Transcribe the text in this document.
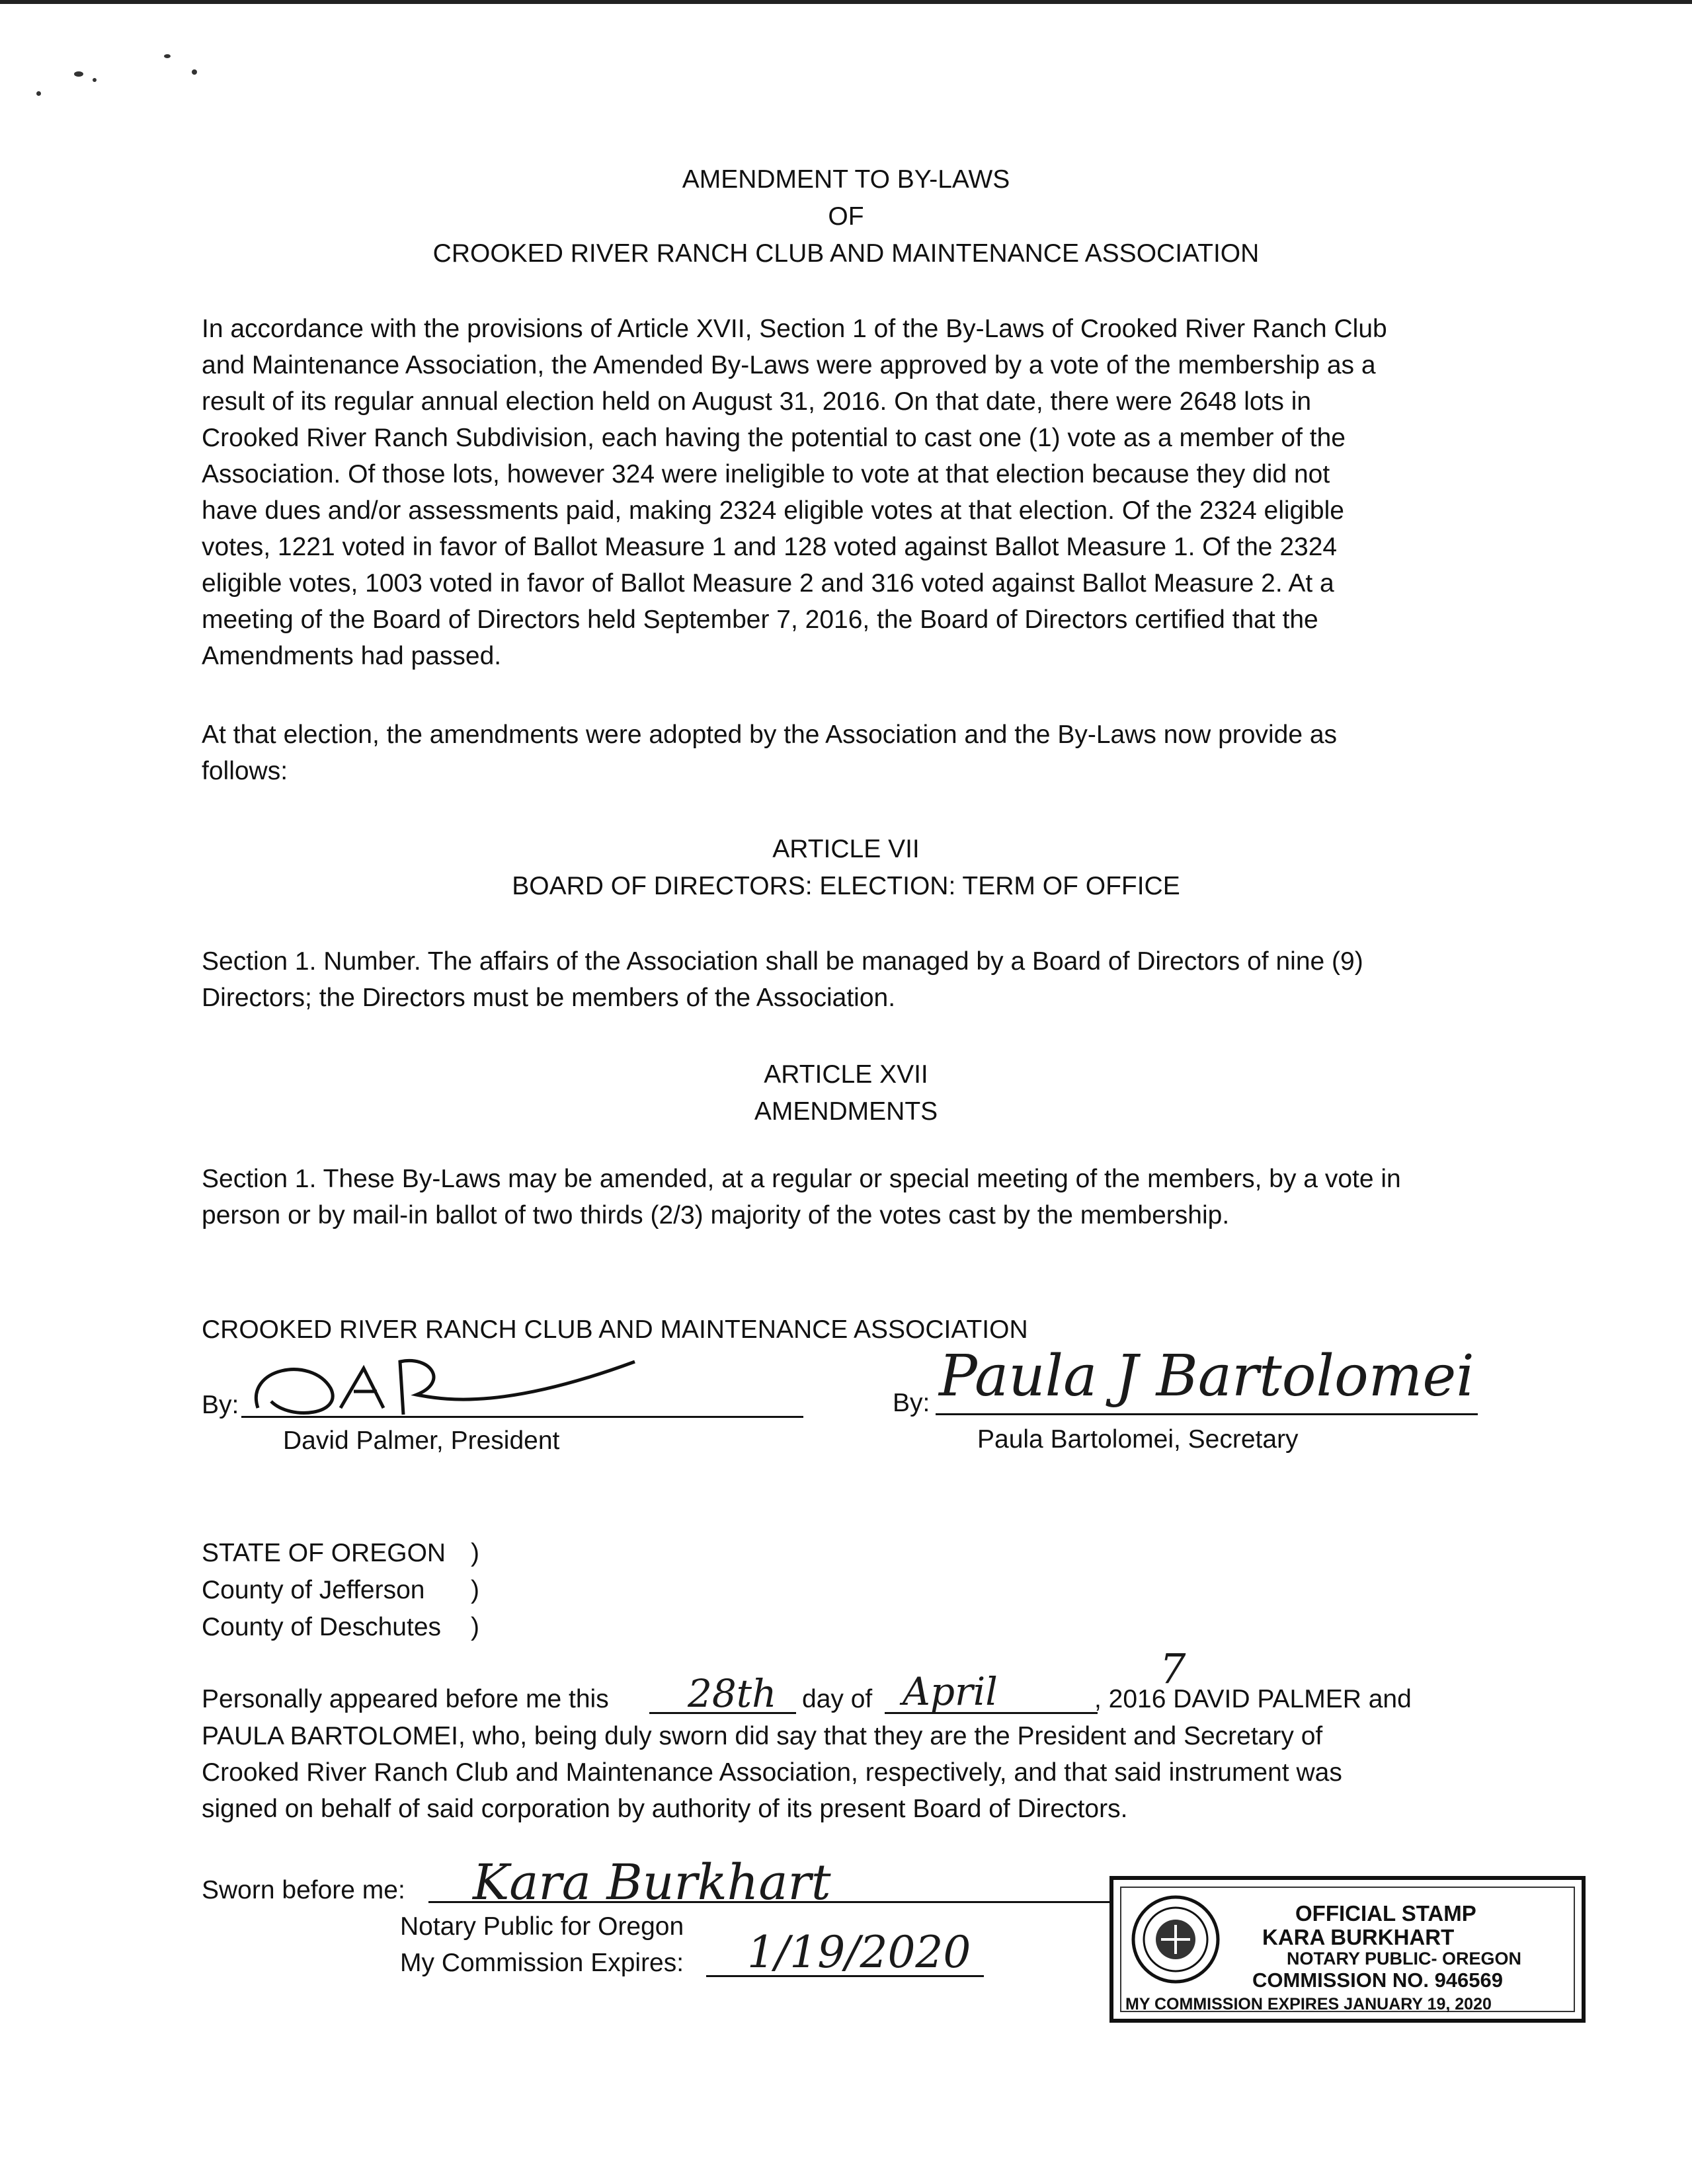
AMENDMENT TO BY-LAWS
OF
CROOKED RIVER RANCH CLUB AND MAINTENANCE ASSOCIATION

In accordance with the provisions of Article XVII, Section 1 of the By-Laws of Crooked River Ranch Club

and Maintenance Association, the Amended By-Laws were approved by a vote of the membership as a

result of its regular annual election held on August 31, 2016. On that date, there were 2648 lots in

Crooked River Ranch Subdivision, each having the potential to cast one (1) vote as a member of the

Association. Of those lots, however 324 were ineligible to vote at that election because they did not

have dues and/or assessments paid, making 2324 eligible votes at that election. Of the 2324 eligible

votes, 1221 voted in favor of Ballot Measure 1 and 128 voted against Ballot Measure 1. Of the 2324

eligible votes, 1003 voted in favor of Ballot Measure 2 and 316 voted against Ballot Measure 2. At a

meeting of the Board of Directors held September 7, 2016, the Board of Directors certified that the

Amendments had passed.

At that election, the amendments were adopted by the Association and the By-Laws now provide as

follows:

ARTICLE VII
BOARD OF DIRECTORS: ELECTION: TERM OF OFFICE

Section 1. Number. The affairs of the Association shall be managed by a Board of Directors of nine (9)

Directors; the Directors must be members of the Association.

ARTICLE XVII
AMENDMENTS

Section 1. These By-Laws may be amended, at a regular or special meeting of the members, by a vote in

person or by mail-in ballot of two thirds (2/3) majority of the votes cast by the membership.

CROOKED RIVER RANCH CLUB AND MAINTENANCE ASSOCIATION
By:
David Palmer, President
By: Paula J Bartolomei
Paula Bartolomei, Secretary
STATE OF OREGON )
County of Jefferson )
County of Deschutes )
Personally appeared before me this 28th day of April	, 2016 DAVID PALMER and
7

PAULA BARTOLOMEI, who, being duly sworn did say that they are the President and Secretary of

Crooked River Ranch Club and Maintenance Association, respectively, and that said instrument was

signed on behalf of said corporation by authority of its present Board of Directors.

Sworn before me: Kara Burkhart
Notary Public for Oregon
My Commission Expires: 1/19/2020
OFFICIAL STAMP
KARA BURKHART
NOTARY PUBLIC- OREGON
COMMISSION NO. 946569
MY COMMISSION EXPIRES JANUARY 19, 2020
